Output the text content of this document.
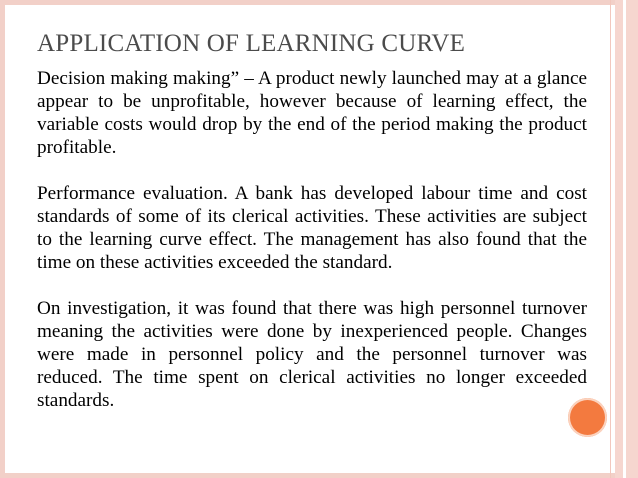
APPLICATION OF LEARNING CURVE

Decision making making” – A product newly launched may at a glance appear to be unprofitable, however because of learning effect, the variable costs would drop by the end of the period making the product profitable.

Performance evaluation. A bank has developed labour time and cost standards of some of its clerical activities. These activities are subject to the learning curve effect. The management has also found that the time on these activities exceeded the standard.

On investigation, it was found that there was high personnel turnover meaning the activities were done by inexperienced people. Changes were made in personnel policy and the personnel turnover was reduced. The time spent on clerical activities no longer exceeded standards.
